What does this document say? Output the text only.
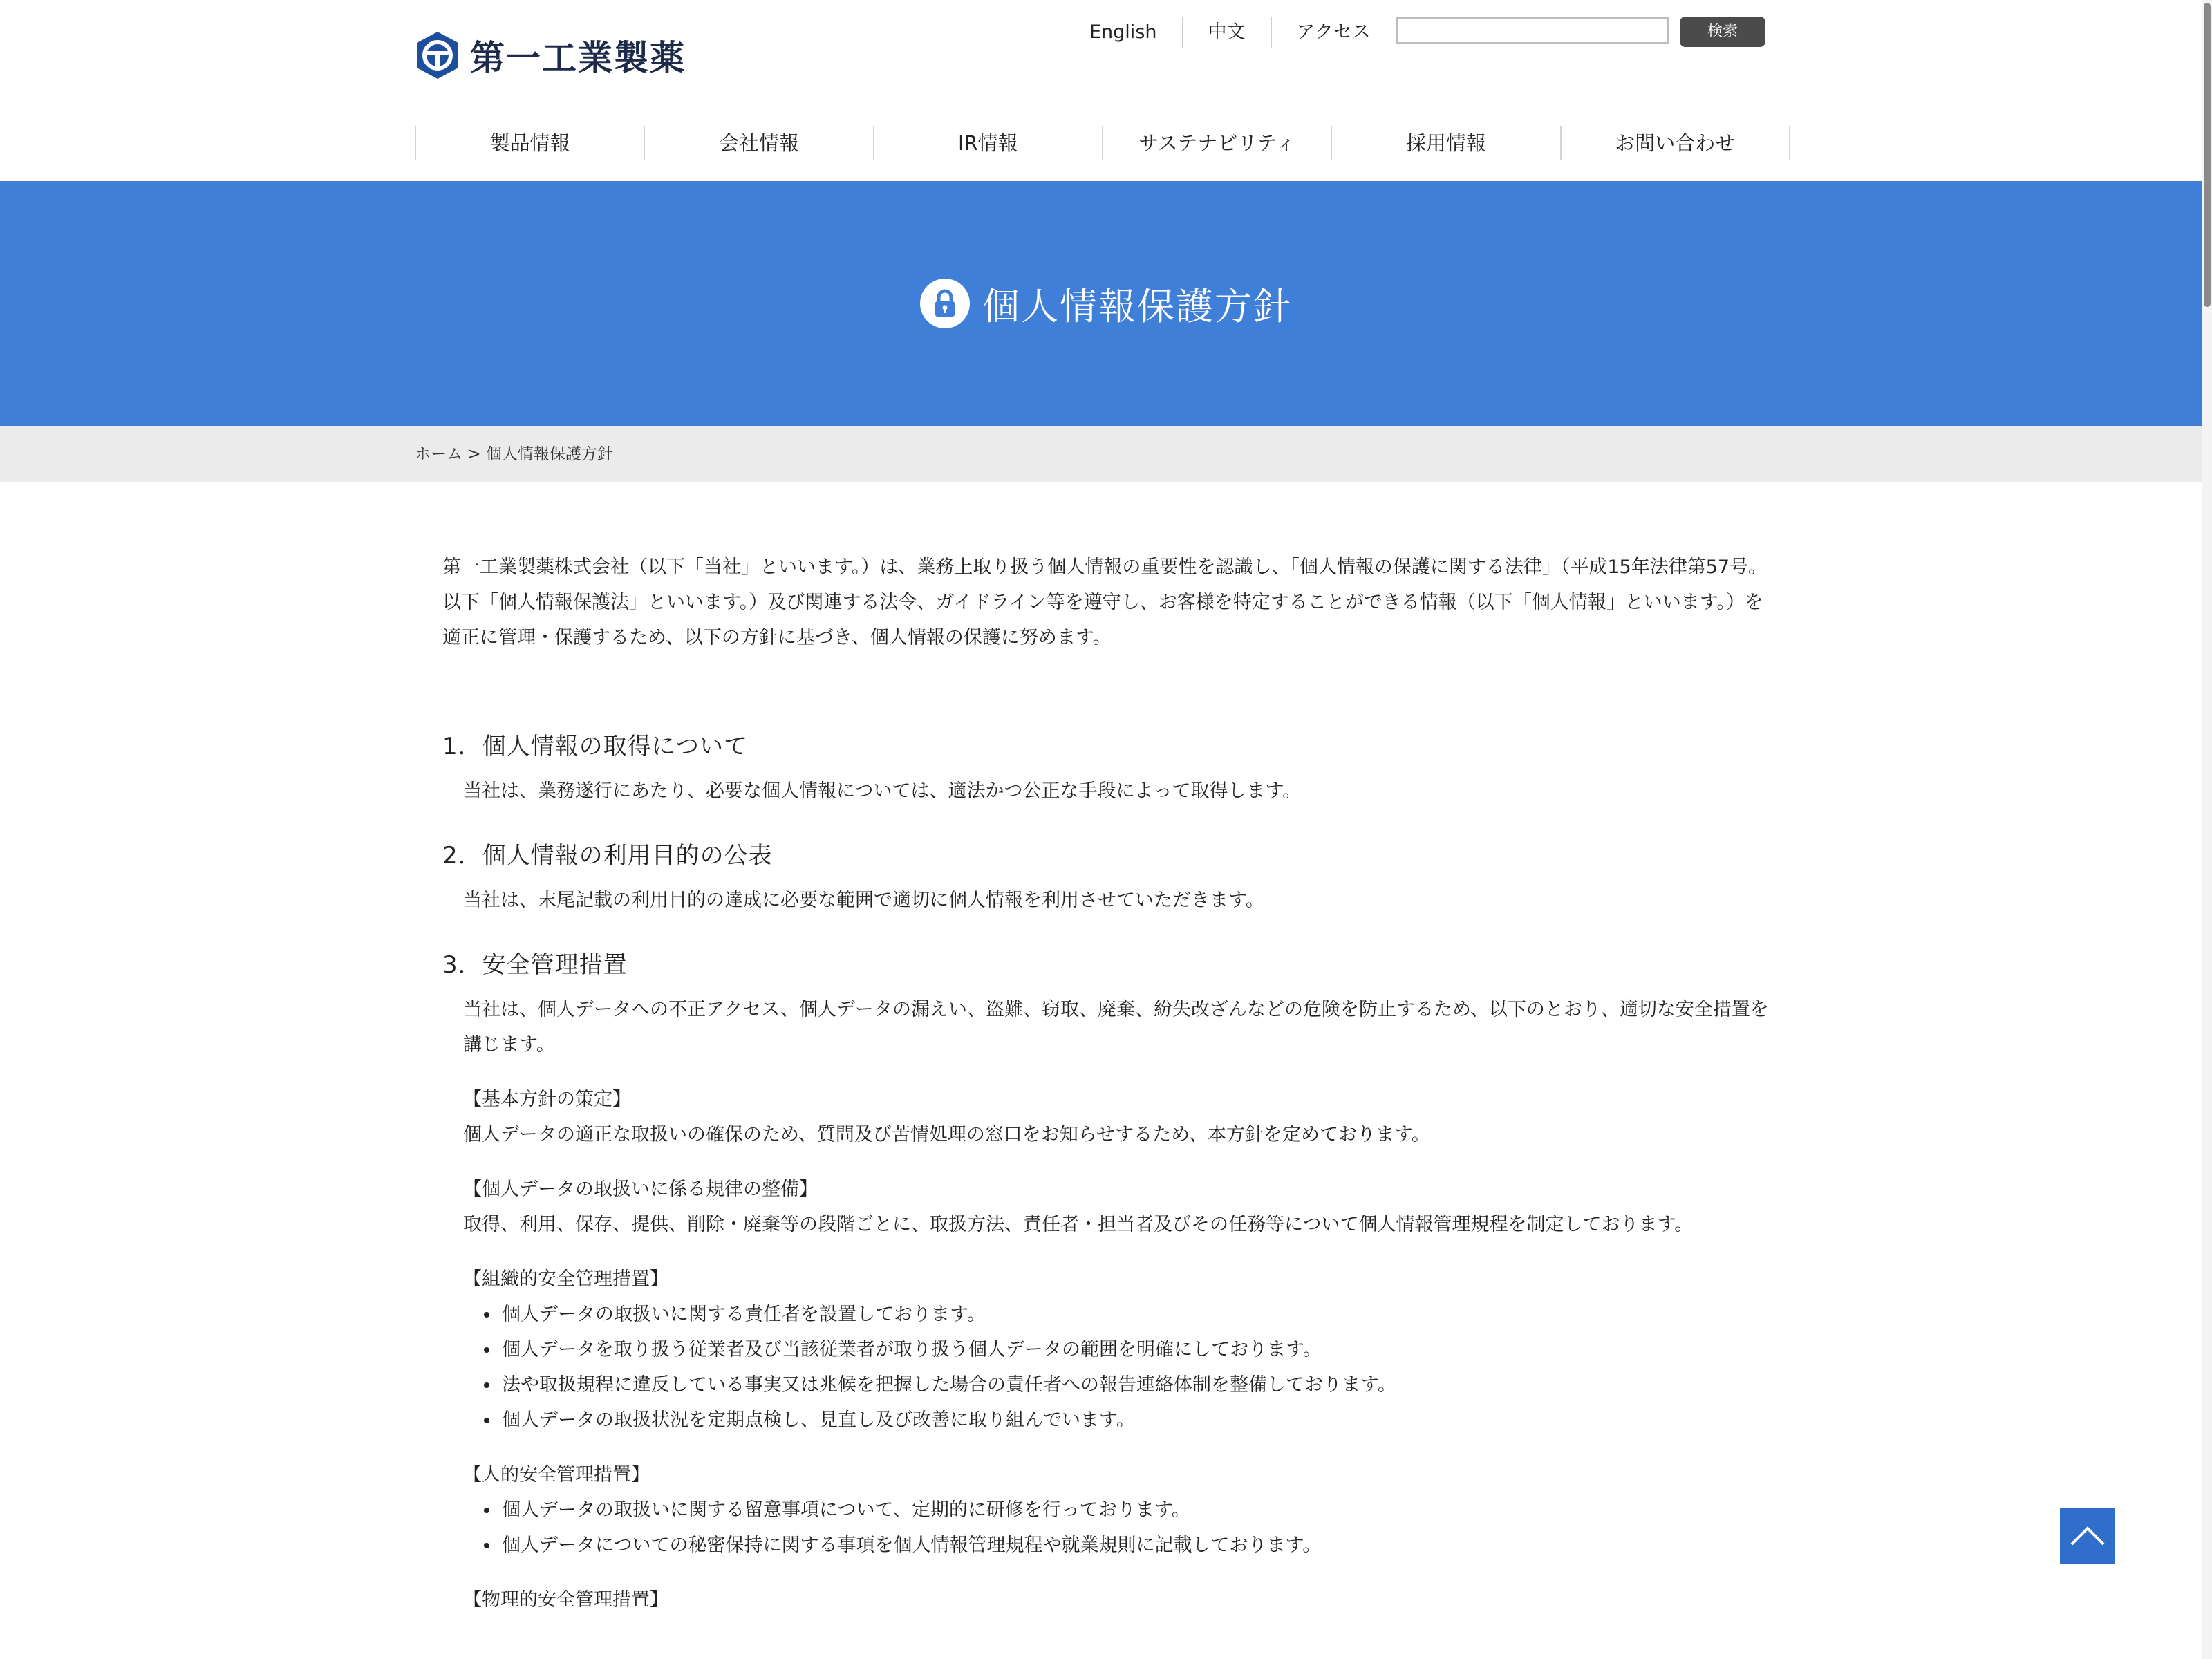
第一工業製薬
English	中文	アクセス	検索
製品情報	会社情報	IR情報	サステナビリティ	採用情報	お問い合わせ
個人情報保護方針
ホーム > 個人情報保護方針

第一工業製薬株式会社（以下「当社」といいます。）は、業務上取り扱う個人情報の重要性を認識し、「個人情報の保護に関する法律」（平成15年法律第57号。以下「個人情報保護法」といいます。）及び関連する法令、ガイドライン等を遵守し、お客様を特定することができる情報（以下「個人情報」といいます。）を適正に管理・保護するため、以下の方針に基づき、個人情報の保護に努めます。

1．個人情報の取得について

当社は、業務遂行にあたり、必要な個人情報については、適法かつ公正な手段によって取得します。

2．個人情報の利用目的の公表

当社は、末尾記載の利用目的の達成に必要な範囲で適切に個人情報を利用させていただきます。

3．安全管理措置

当社は、個人データへの不正アクセス、個人データの漏えい、盗難、窃取、廃棄、紛失改ざんなどの危険を防止するため、以下のとおり、適切な安全措置を講じます。

【基本方針の策定】

個人データの適正な取扱いの確保のため、質問及び苦情処理の窓口をお知らせするため、本方針を定めております。

【個人データの取扱いに係る規律の整備】

取得、利用、保存、提供、削除・廃棄等の段階ごとに、取扱方法、責任者・担当者及びその任務等について個人情報管理規程を制定しております。

【組織的安全管理措置】

個人データの取扱いに関する責任者を設置しております。
個人データを取り扱う従業者及び当該従業者が取り扱う個人データの範囲を明確にしております。
法や取扱規程に違反している事実又は兆候を把握した場合の責任者への報告連絡体制を整備しております。
個人データの取扱状況を定期点検し、見直し及び改善に取り組んでいます。

【人的安全管理措置】

個人データの取扱いに関する留意事項について、定期的に研修を行っております。
個人データについての秘密保持に関する事項を個人情報管理規程や就業規則に記載しております。

【物理的安全管理措置】
